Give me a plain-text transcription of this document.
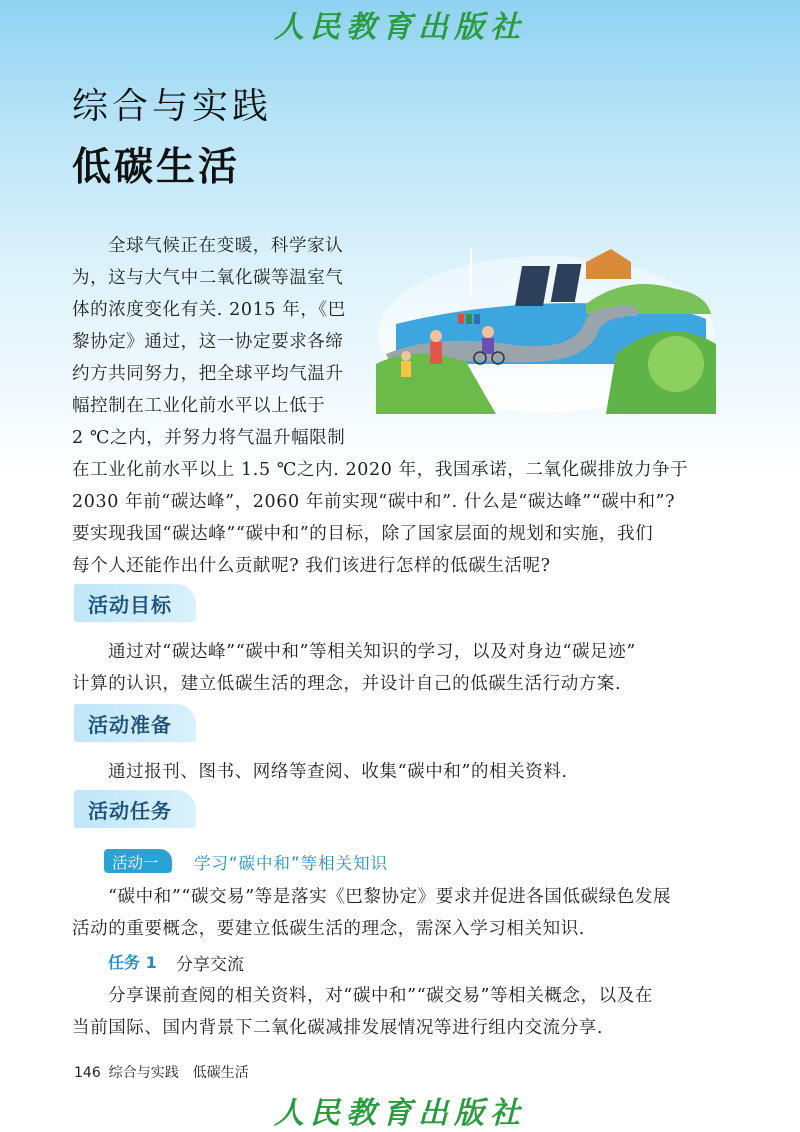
人民教育出版社
综合与实践
低碳生活
全球气候正在变暖，科学家认
为，这与大气中二氧化碳等温室气
体的浓度变化有关. 2015 年，《巴
黎协定》通过，这一协定要求各缔
约方共同努力，把全球平均气温升
幅控制在工业化前水平以上低于
2 ℃之内，并努力将气温升幅限制
在工业化前水平以上 1.5 ℃之内. 2020 年，我国承诺，二氧化碳排放力争于
2030 年前“碳达峰”，2060 年前实现“碳中和”. 什么是“碳达峰”“碳中和”?
要实现我国“碳达峰”“碳中和”的目标，除了国家层面的规划和实施，我们
每个人还能作出什么贡献呢? 我们该进行怎样的低碳生活呢?
活动目标
通过对“碳达峰”“碳中和”等相关知识的学习，以及对身边“碳足迹”
计算的认识，建立低碳生活的理念，并设计自己的低碳生活行动方案.
活动准备
通过报刊、图书、网络等查阅、收集“碳中和”的相关资料.
活动任务
活动一 学习“碳中和”等相关知识
“碳中和”“碳交易”等是落实《巴黎协定》要求并促进各国低碳绿色发展
活动的重要概念，要建立低碳生活的理念，需深入学习相关知识.
任务 1 分享交流
分享课前查阅的相关资料，对“碳中和”“碳交易”等相关概念，以及在
当前国际、国内背景下二氧化碳减排发展情况等进行组内交流分享.
146 综合与实践　低碳生活
人民教育出版社
